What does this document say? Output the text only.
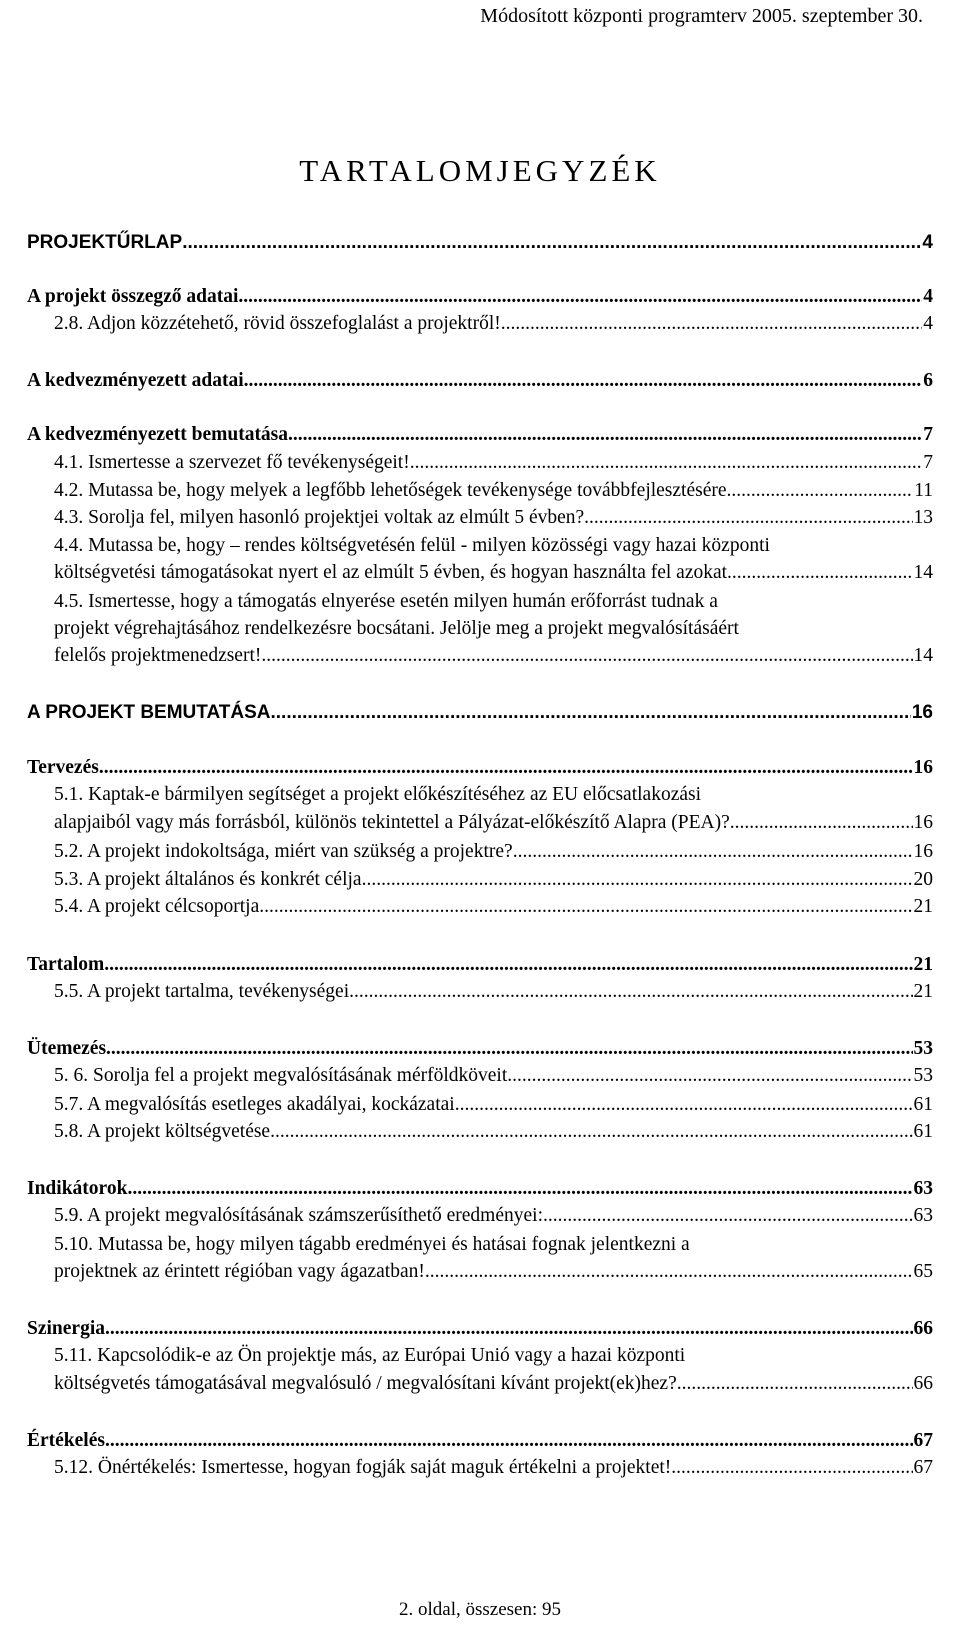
Módosított központi programterv 2005. szeptember 30.
TARTALOMJEGYZÉK
PROJEKTŰRLAP .....	4
A projekt összegző adatai .....	4
2.8. Adjon közzétehető, rövid összefoglalást a projektről! .....	4
A kedvezményezett adatai .....	6
A kedvezményezett bemutatása .....	7
4.1. Ismertesse a szervezet fő tevékenységeit! .....	7
4.2. Mutassa be, hogy melyek a legfőbb lehetőségek tevékenysége továbbfejlesztésére .....	11
4.3. Sorolja fel, milyen hasonló projektjei voltak az elmúlt 5 évben? .....	13
4.4. Mutassa be, hogy – rendes költségvetésén felül - milyen közösségi vagy hazai központi
költségvetési támogatásokat nyert el az elmúlt 5 évben, és hogyan használta fel azokat. .....	14
4.5. Ismertesse, hogy a támogatás elnyerése esetén milyen humán erőforrást tudnak a
projekt végrehajtásához rendelkezésre bocsátani. Jelölje meg a projekt megvalósításáért
felelős projektmenedzsert! .....	14
A PROJEKT BEMUTATÁSA .....	16
Tervezés .....	16
5.1. Kaptak-e bármilyen segítséget a projekt előkészítéséhez az EU előcsatlakozási
alapjaiból vagy más forrásból, különös tekintettel a Pályázat-előkészítő Alapra (PEA)? .....	16
5.2. A projekt indokoltsága, miért van szükség a projektre? .....	16
5.3. A projekt általános és konkrét célja .....	20
5.4. A projekt célcsoportja .....	21
Tartalom .....	21
5.5. A projekt tartalma, tevékenységei .....	21
Ütemezés .....	53
5. 6. Sorolja fel a projekt megvalósításának mérföldköveit .....	53
5.7. A megvalósítás esetleges akadályai, kockázatai .....	61
5.8. A projekt költségvetése .....	61
Indikátorok .....	63
5.9. A projekt megvalósításának számszerűsíthető eredményei: .....	63
5.10. Mutassa be, hogy milyen tágabb eredményei és hatásai fognak jelentkezni a
projektnek az érintett régióban vagy ágazatban! .....	65
Szinergia .....	66
5.11. Kapcsolódik-e az Ön projektje más, az Európai Unió vagy a hazai központi
költségvetés támogatásával megvalósuló / megvalósítani kívánt projekt(ek)hez? .....	66
Értékelés .....	67
5.12. Önértékelés: Ismertesse, hogyan fogják saját maguk értékelni a projektet! .....	67
2. oldal, összesen: 95
